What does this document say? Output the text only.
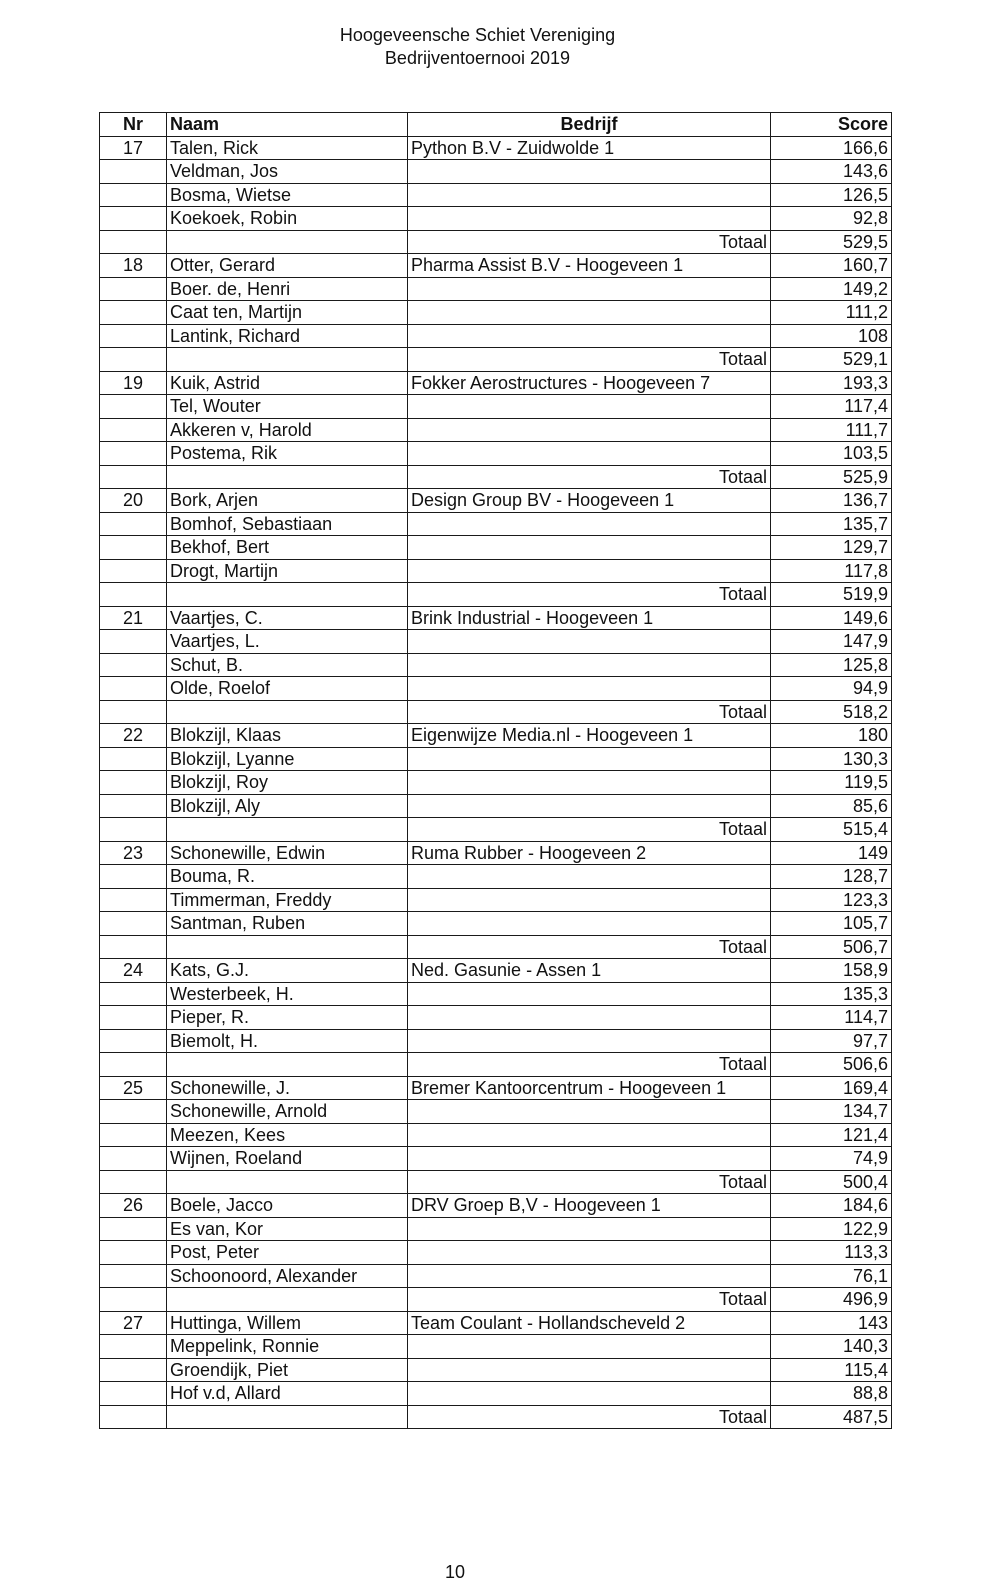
Hoogeveensche Schiet Vereniging
Bedrijventoernooi 2019
Nr	Naam	Bedrijf	Score
17	Talen, Rick	Python B.V - Zuidwolde 1	166,6
	Veldman, Jos		143,6
	Bosma, Wietse		126,5
	Koekoek, Robin		92,8
		Totaal	529,5
18	Otter, Gerard	Pharma Assist B.V - Hoogeveen 1	160,7
	Boer. de, Henri		149,2
	Caat ten, Martijn		111,2
	Lantink, Richard		108
		Totaal	529,1
19	Kuik, Astrid	Fokker Aerostructures - Hoogeveen 7	193,3
	Tel, Wouter		117,4
	Akkeren v, Harold		111,7
	Postema, Rik		103,5
		Totaal	525,9
20	Bork, Arjen	Design Group BV - Hoogeveen 1	136,7
	Bomhof, Sebastiaan		135,7
	Bekhof, Bert		129,7
	Drogt, Martijn		117,8
		Totaal	519,9
21	Vaartjes, C.	Brink Industrial - Hoogeveen 1	149,6
	Vaartjes, L.		147,9
	Schut, B.		125,8
	Olde, Roelof		94,9
		Totaal	518,2
22	Blokzijl, Klaas	Eigenwijze Media.nl - Hoogeveen 1	180
	Blokzijl, Lyanne		130,3
	Blokzijl, Roy		119,5
	Blokzijl, Aly		85,6
		Totaal	515,4
23	Schonewille, Edwin	Ruma Rubber - Hoogeveen 2	149
	Bouma, R.		128,7
	Timmerman, Freddy		123,3
	Santman, Ruben		105,7
		Totaal	506,7
24	Kats, G.J.	Ned. Gasunie - Assen 1	158,9
	Westerbeek, H.		135,3
	Pieper, R.		114,7
	Biemolt, H.		97,7
		Totaal	506,6
25	Schonewille, J.	Bremer Kantoorcentrum - Hoogeveen 1	169,4
	Schonewille, Arnold		134,7
	Meezen, Kees		121,4
	Wijnen, Roeland		74,9
		Totaal	500,4
26	Boele, Jacco	DRV Groep B,V - Hoogeveen 1	184,6
	Es van, Kor		122,9
	Post, Peter		113,3
	Schoonoord, Alexander		76,1
		Totaal	496,9
27	Huttinga, Willem	Team Coulant - Hollandscheveld 2	143
	Meppelink, Ronnie		140,3
	Groendijk, Piet		115,4
	Hof v.d, Allard		88,8
		Totaal	487,5
10
